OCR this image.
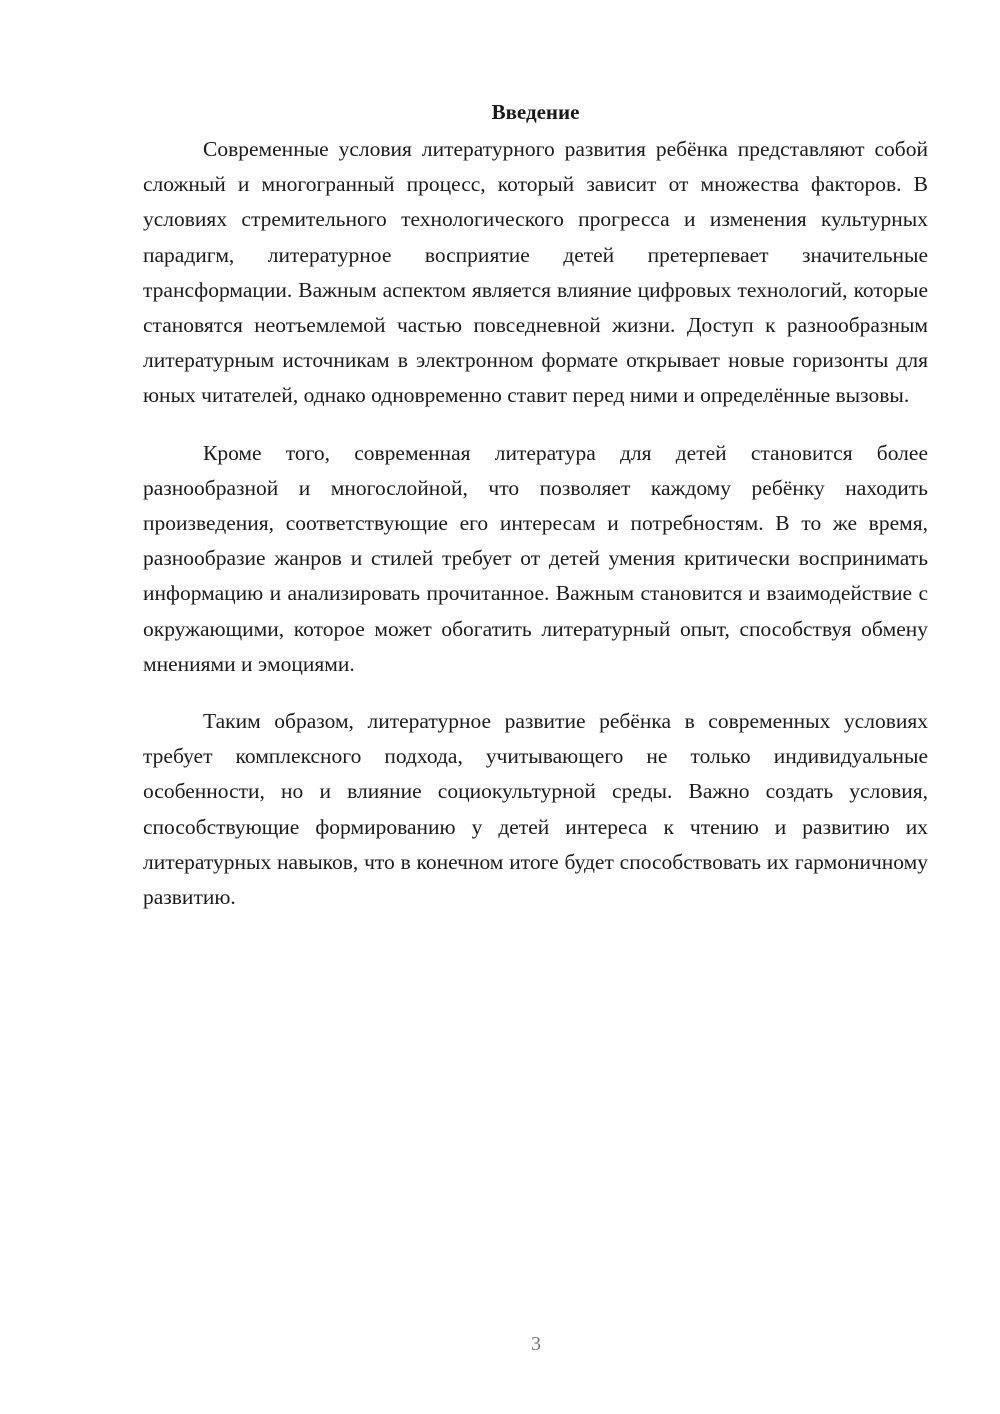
Введение

Современные условия литературного развития ребёнка представляют собой сложный и многогранный процесс, который зависит от множества факторов. В условиях стремительного технологического прогресса и изменения культурных парадигм, литературное восприятие детей претерпевает значительные трансформации. Важным аспектом является влияние цифровых технологий, которые становятся неотъемлемой частью повседневной жизни. Доступ к разнообразным литературным источникам в электронном формате открывает новые горизонты для юных читателей, однако одновременно ставит перед ними и определённые вызовы.

Кроме того, современная литература для детей становится более разнообразной и многослойной, что позволяет каждому ребёнку находить произведения, соответствующие его интересам и потребностям. В то же время, разнообразие жанров и стилей требует от детей умения критически воспринимать информацию и анализировать прочитанное. Важным становится и взаимодействие с окружающими, которое может обогатить литературный опыт, способствуя обмену мнениями и эмоциями.

Таким образом, литературное развитие ребёнка в современных условиях требует комплексного подхода, учитывающего не только индивидуальные особенности, но и влияние социокультурной среды. Важно создать условия, способствующие формированию у детей интереса к чтению и развитию их литературных навыков, что в конечном итоге будет способствовать их гармоничному развитию.

3
